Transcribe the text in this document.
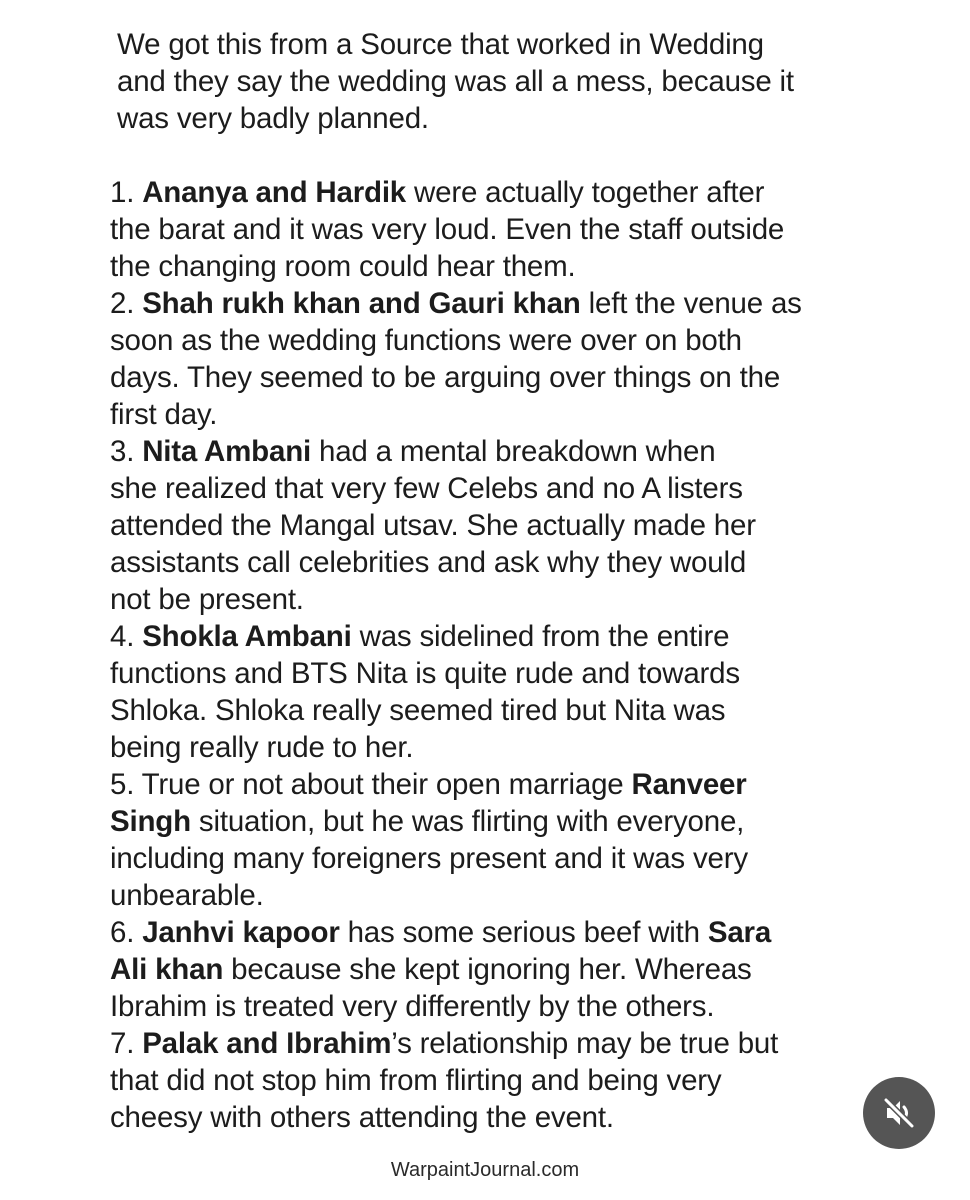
We got this from a Source that worked in Wedding
and they say the wedding was all a mess, because it
was very badly planned.
1. Ananya and Hardik were actually together after
the barat and it was very loud. Even the staff outside
the changing room could hear them.
2. Shah rukh khan and Gauri khan left the venue as
soon as the wedding functions were over on both
days. They seemed to be arguing over things on the
first day.
3. Nita Ambani had a mental breakdown when
she realized that very few Celebs and no A listers
attended the Mangal utsav. She actually made her
assistants call celebrities and ask why they would
not be present.
4. Shokla Ambani was sidelined from the entire
functions and BTS Nita is quite rude and towards
Shloka. Shloka really seemed tired but Nita was
being really rude to her.
5. True or not about their open marriage Ranveer
Singh situation, but he was flirting with everyone,
including many foreigners present and it was very
unbearable.
6. Janhvi kapoor has some serious beef with Sara
Ali khan because she kept ignoring her. Whereas
Ibrahim is treated very differently by the others.
7. Palak and Ibrahim’s relationship may be true but
that did not stop him from flirting and being very
cheesy with others attending the event.
WarpaintJournal.com
